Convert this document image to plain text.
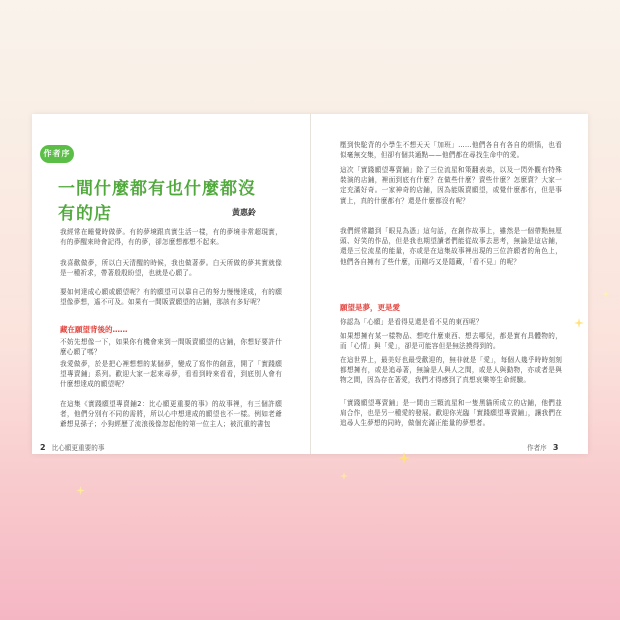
作者序
一間什麼都有也什麼都沒有的店	黃惠鈴

我經常在睡覺時做夢。有的夢境跟真實生活一樣，有的夢境非常超現實，有的夢醒來時會記得，有的夢，卻怎麼想都想不起來。

我喜歡做夢，所以白天清醒的時候，我也做著夢。白天所做的夢其實就像是一種祈求，帶著殷殷盼望，也就是心願了。

要如何達成心願或願望呢？有的願望可以靠自己的努力慢慢達成，有的願望像夢想，遙不可及。如果有一間販賣願望的店鋪，那該有多好呢？

藏在願望背後的……

不妨先想像一下，如果你有機會來到一間販賣願望的店鋪，你想好要許什麼心願了嗎？

我愛做夢，於是把心裡想想的某個夢，變成了寫作的創意，開了「實踐願望專賣鋪」系列。歡迎大家一起來尋夢，看看到時來看看，到底別人會有什麼想達成的願望呢？

在這集《實踐願望專賣鋪2：比心願更重要的事》的故事裡，有三個許願者，他們分別有不同的需將，所以心中想達成的願望也不一樣。例如老爺爺想見孫子；小狗經歷了流浪後像忽起他的第一位主人；被沉重的書包

2 比心願更重要的事

壓到快駝背的小學生不想天天「加班」……他們各自有各自的煩惱，也看似毫無交集，但卻有個共通點——他們都在尋找生命中的愛。

這次「實踐願望專賣鋪」除了三位流星和策翻表弟，以及一閃外觀有特殊裝演的店鋪，裡面到底有什麼？在做些什麼？賣些什麼？怎麼賣？大家一定充滿好奇。一家神奇的店鋪，因為能販賣願望，或覺什麼都有，但是事實上，真的什麼都有？還是什麼都沒有呢？

我們經常聽到「眼見為憑」這句話，在創作故事上，雖然是一個帶點無厘頭、好笑的作品，但是我也期望讀者們能從故事去思考，無論是這店鋪，還是三位流星的能量，亦或是在這集故事裡出現的三位許願者的角色上，他們各自擁有了些什麼，而剛巧又是隱藏，「看不見」的呢？

願望是夢，更是愛

你認為「心願」是看得見還是看不見的東西呢？

如果想擁有某一樣物品、想吃什麼東西、想去哪兒，都是實有具體物的，而「心情」與「愛」，卻是可能容但是無法摸得到的。

在這世界上，最美好也最受歡迎的，無非就是「愛」，每個人幾乎時時刻刻都想擁有，或是追尋著，無論是人與人之間，或是人與動物，亦或者是與物之間，因為存在著愛，我們才得感到了真想哀樂等生命經驗。

「實踐願望專賣鋪」是一間由三顆流星和一隻黑貓所成立的店鋪，他們並肩合作，也是另一種愛的發展。歡迎你光臨「實踐願望專賣鋪」，讓我們在追尋人生夢想的同時，做個充滿正能量的夢想者。

作者序 3
